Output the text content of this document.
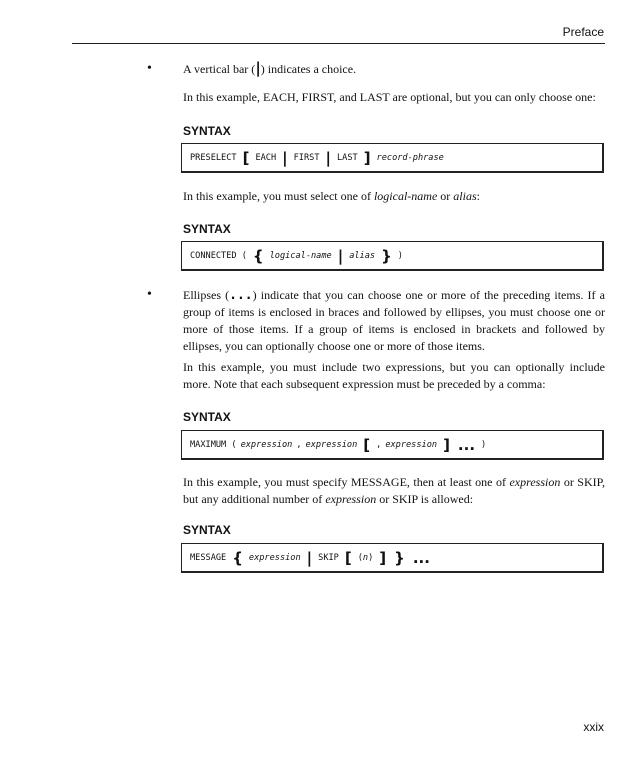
Preface
•	A vertical bar (|) indicates a choice.
In this example, EACH, FIRST, and LAST are optional, but you can only choose one:
SYNTAX
PRESELECT [ EACH | FIRST | LAST ] record-phrase
In this example, you must select one of logical-name or alias:
SYNTAX
CONNECTED ( { logical-name | alias } )
•	Ellipses (...) indicate that you can choose one or more of the preceding items. If a group of items is enclosed in braces and followed by ellipses, you must choose one or more of those items. If a group of items is enclosed in brackets and followed by ellipses, you can optionally choose one or more of those items.
In this example, you must include two expressions, but you can optionally include more. Note that each subsequent expression must be preceded by a comma:
SYNTAX
MAXIMUM ( expression , expression [ , expression ] ... )
In this example, you must specify MESSAGE, then at least one of expression or SKIP, but any additional number of expression or SKIP is allowed:
SYNTAX
MESSAGE { expression | SKIP [ ( n ) ] } ...
xxix
